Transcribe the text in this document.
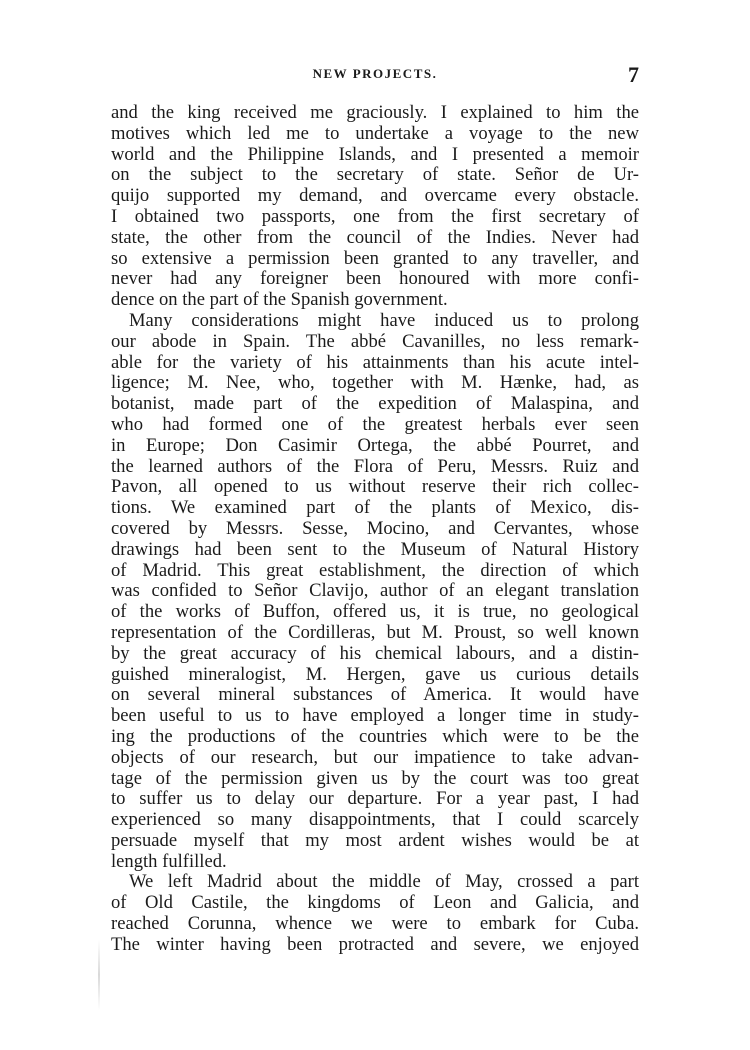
NEW PROJECTS.	7
and the king received me graciously. I explained to him the
motives which led me to undertake a voyage to the new
world and the Philippine Islands, and I presented a memoir
on the subject to the secretary of state. Señor de Ur-
quijo supported my demand, and overcame every obstacle.
I obtained two passports, one from the first secretary of
state, the other from the council of the Indies. Never had
so extensive a permission been granted to any traveller, and
never had any foreigner been honoured with more confi-
dence on the part of the Spanish government.
Many considerations might have induced us to prolong
our abode in Spain. The abbé Cavanilles, no less remark-
able for the variety of his attainments than his acute intel-
ligence; M. Nee, who, together with M. Hænke, had, as
botanist, made part of the expedition of Malaspina, and
who had formed one of the greatest herbals ever seen
in Europe; Don Casimir Ortega, the abbé Pourret, and
the learned authors of the Flora of Peru, Messrs. Ruiz and
Pavon, all opened to us without reserve their rich collec-
tions. We examined part of the plants of Mexico, dis-
covered by Messrs. Sesse, Mocino, and Cervantes, whose
drawings had been sent to the Museum of Natural History
of Madrid. This great establishment, the direction of which
was confided to Señor Clavijo, author of an elegant translation
of the works of Buffon, offered us, it is true, no geological
representation of the Cordilleras, but M. Proust, so well known
by the great accuracy of his chemical labours, and a distin-
guished mineralogist, M. Hergen, gave us curious details
on several mineral substances of America. It would have
been useful to us to have employed a longer time in study-
ing the productions of the countries which were to be the
objects of our research, but our impatience to take advan-
tage of the permission given us by the court was too great
to suffer us to delay our departure. For a year past, I had
experienced so many disappointments, that I could scarcely
persuade myself that my most ardent wishes would be at
length fulfilled.
We left Madrid about the middle of May, crossed a part
of Old Castile, the kingdoms of Leon and Galicia, and
reached Corunna, whence we were to embark for Cuba.
The winter having been protracted and severe, we enjoyed
